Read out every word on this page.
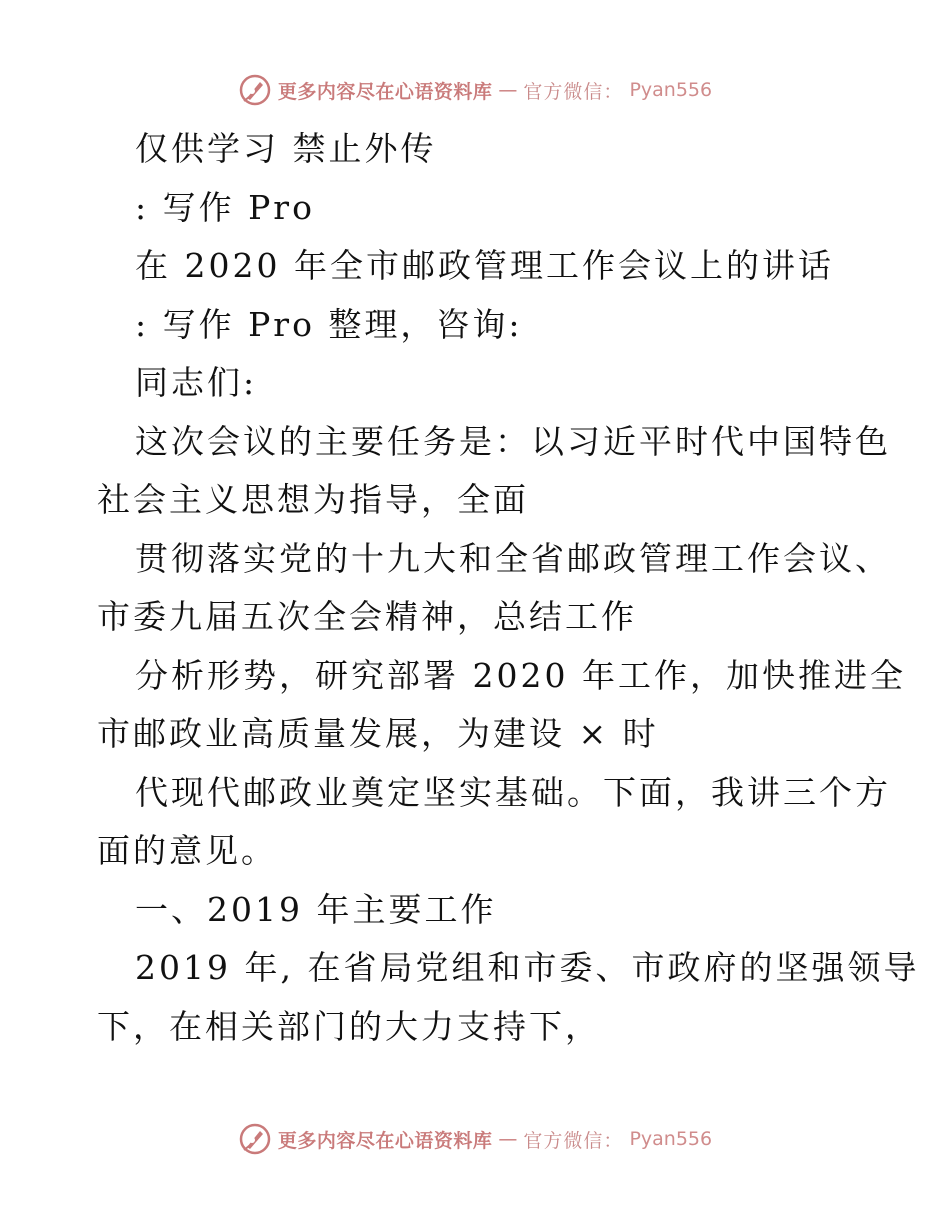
更多内容尽在心语资料库 — 官方微信： Pyan556
仅供学习 禁止外传
: 写作 Pro
在 2020 年全市邮政管理工作会议上的讲话
: 写作 Pro 整理，咨询:
同志们:
这次会议的主要任务是：以习近平时代中国特色
社会主义思想为指导，全面
贯彻落实党的十九大和全省邮政管理工作会议、
市委九届五次全会精神，总结工作
分析形势，研究部署 2020 年工作，加快推进全
市邮政业高质量发展，为建设 × 时
代现代邮政业奠定坚实基础。下面，我讲三个方
面的意见。
一、2019 年主要工作
2019 年, 在省局党组和市委、市政府的坚强领导
下，在相关部门的大力支持下，
更多内容尽在心语资料库 — 官方微信： Pyan556
